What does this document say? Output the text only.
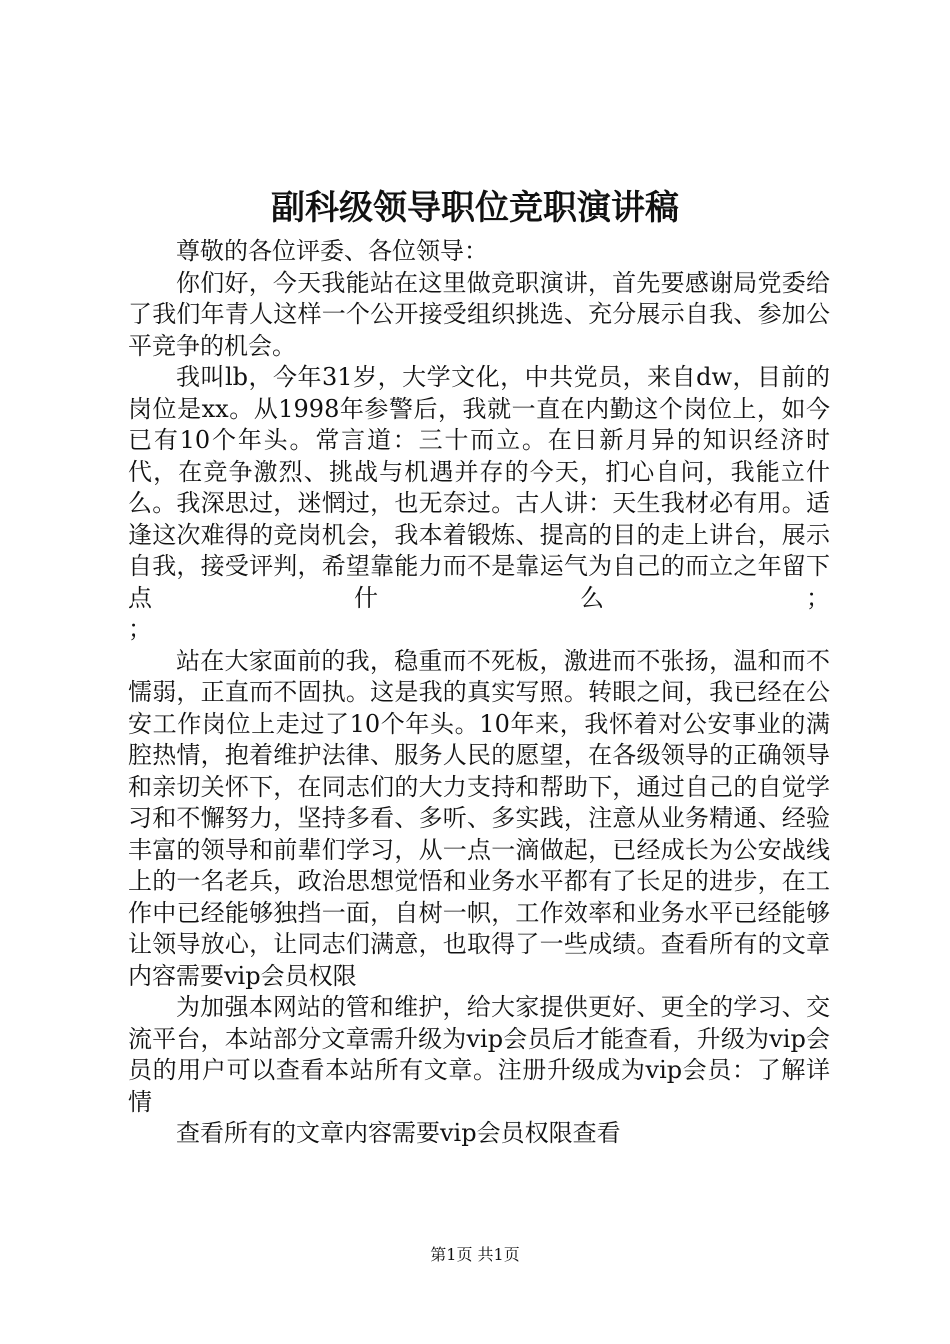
副科级领导职位竞职演讲稿

尊敬的各位评委、各位领导：

你们好，今天我能站在这里做竞职演讲，首先要感谢局党委给了我们年青人这样一个公开接受组织挑选、充分展示自我、参加公平竞争的机会。

我叫lb，今年31岁，大学文化，中共党员，来自dw，目前的岗位是xx。从1998年参警后，我就一直在内勤这个岗位上，如今已有10个年头。常言道：三十而立。在日新月异的知识经济时代，在竞争激烈、挑战与机遇并存的今天，扪心自问，我能立什么。我深思过，迷惘过，也无奈过。古人讲：天生我材必有用。适逢这次难得的竞岗机会，我本着锻炼、提高的目的走上讲台，展示自我，接受评判，希望靠能力而不是靠运气为自己的而立之年留下点什么；

；

站在大家面前的我，稳重而不死板，激进而不张扬，温和而不懦弱，正直而不固执。这是我的真实写照。转眼之间，我已经在公安工作岗位上走过了10个年头。10年来，我怀着对公安事业的满腔热情，抱着维护法律、服务人民的愿望，在各级领导的正确领导和亲切关怀下，在同志们的大力支持和帮助下，通过自己的自觉学习和不懈努力，坚持多看、多听、多实践，注意从业务精通、经验丰富的领导和前辈们学习，从一点一滴做起，已经成长为公安战线上的一名老兵，政治思想觉悟和业务水平都有了长足的进步，在工作中已经能够独挡一面，自树一帜，工作效率和业务水平已经能够让领导放心，让同志们满意，也取得了一些成绩。查看所有的文章内容需要vip会员权限

为加强本网站的管和维护，给大家提供更好、更全的学习、交流平台，本站部分文章需升级为vip会员后才能查看，升级为vip会员的用户可以查看本站所有文章。注册升级成为vip会员：了解详情

查看所有的文章内容需要vip会员权限查看

第1页 共1页
